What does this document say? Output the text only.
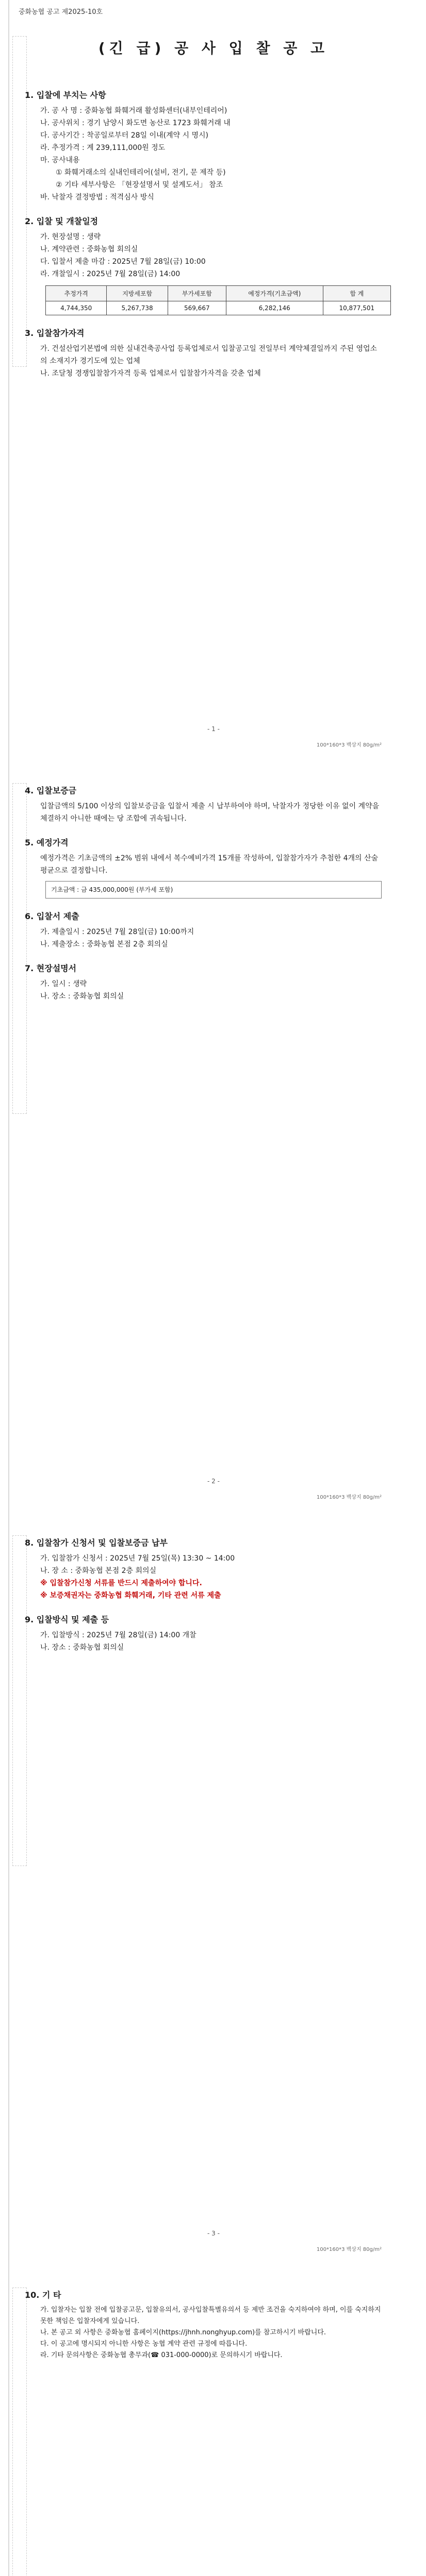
중화농협 공고 제2025-10호
(긴 급) 공 사 입 찰 공 고
1. 입찰에 부치는 사항
가. 공 사 명 : 중화농협 화훼거래 활성화센터(내부인테리어)
나. 공사위치 : 경기 남양시 화도면 농산로 1723 화훼거래 내
다. 공사기간 : 착공일로부터 28일 이내(계약 시 명시)
라. 추정가격 : 계 239,111,000원 정도
마. 공사내용
① 화훼거래소의 실내인테리어(설비, 전기, 문 제작 등)
② 기타 세부사항은 「현장설명서 및 설계도서」 참조
바. 낙찰자 결정방법 : 적격심사 방식
2. 입찰 및 개찰일정
가. 현장설명 : 생략
나. 계약관련 : 중화농협 회의실
다. 입찰서 제출 마감 : 2025년 7월 28일(금) 10:00
라. 개찰일시 : 2025년 7월 28일(금) 14:00
추정가격	지방세포함	부가세포함	예정가격(기초금액)	합 계
4,744,350	5,267,738	569,667	6,282,146	10,877,501
3. 입찰참가자격
가. 건설산업기본법에 의한 실내건축공사업 등록업체로서 입찰공고일 전일부터 계약체결일까지 주된 영업소의 소재지가 경기도에 있는 업체
나. 조달청 경쟁입찰참가자격 등록 업체로서 입찰참가자격을 갖춘 업체
- 1 -
100*160*3 백상지 80g/m²
4. 입찰보증금
입찰금액의 5/100 이상의 입찰보증금을 입찰서 제출 시 납부하여야 하며, 낙찰자가 정당한 이유 없이 계약을 체결하지 아니한 때에는 당 조합에 귀속됩니다.
5. 예정가격
예정가격은 기초금액의 ±2% 범위 내에서 복수예비가격 15개를 작성하여, 입찰참가자가 추첨한 4개의 산술평균으로 결정합니다.
기초금액 : 금 435,000,000원 (부가세 포함)
6. 입찰서 제출
가. 제출일시 : 2025년 7월 28일(금) 10:00까지
나. 제출장소 : 중화농협 본점 2층 회의실
7. 현장설명서
가. 일시 : 생략
나. 장소 : 중화농협 회의실
- 2 -
100*160*3 백상지 80g/m²
8. 입찰참가 신청서 및 입찰보증금 납부
가. 입찰참가 신청서 : 2025년 7월 25일(목) 13:30 ~ 14:00
나. 장 소 : 중화농협 본점 2층 회의실
※ 입찰참가신청 서류를 반드시 제출하여야 합니다.
※ 보증채권자는 중화농협 화훼거래, 기타 관련 서류 제출
9. 입찰방식 및 제출 등
가. 입찰방식 : 2025년 7월 28일(금) 14:00 개찰
나. 장소 : 중화농협 회의실
- 3 -
100*160*3 백상지 80g/m²
10. 기 타
가. 입찰자는 입찰 전에 입찰공고문, 입찰유의서, 공사입찰특별유의서 등 제반 조건을 숙지하여야 하며, 이를 숙지하지 못한 책임은 입찰자에게 있습니다.
나. 본 공고 외 사항은 중화농협 홈페이지(https://jhnh.nonghyup.com)를 참고하시기 바랍니다.
다. 이 공고에 명시되지 아니한 사항은 농협 계약 관련 규정에 따릅니다.
라. 기타 문의사항은 중화농협 총무과(☎ 031-000-0000)로 문의하시기 바랍니다.
